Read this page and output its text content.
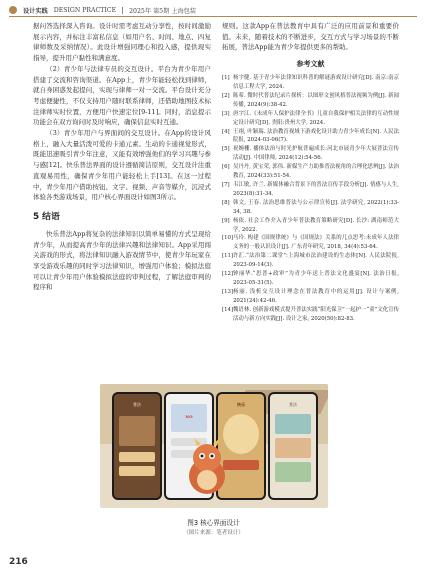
设计实践 DESIGN PRACTICE 2025年 第5期 上海包装

据问答选择深入咨询。设计时需考虑互动分享性，按时间激励展示内容，并标注丰富私信息（如用户名、时间、地点、四复律师数及采纳情况）。此设计增强同理心和投入感，提供现实指导，提升用户黏性和满意度。

（2）青少年与法律专员的交互设计。平台为青少年用户搭建了交流和咨询渠道。在App上，青少年能轻松找到律师，就自身困惑发起提问，实现与律师一对一交流。平台设计充分考虑便捷性，不仅支持用户随时联系律师，还借助地图技术标注律师实时位置，方便用户快速定位[9-11]。同时，消息提示功能会在双方询问时及时响应，确保信息实时互通。

（3）青少年用户与界面间的交互设计。在App的设计风格上，融入大量活泼可爱的卡通元素。生动的卡通视觉形式，既能迅速吸引青少年注意，又能有效增强他们的学习兴趣与参与感[12]。快乐普法界面的设计遵循简洁原则，交互设计注重直观易用性，确保青少年用户能轻松上手[13]。在这一过程中，青少年用户借助按钮、文字、视频、声音等媒介，沉浸式体验各类游戏场景，用户核心界面设计如图3所示。

5 结语

快乐普法App将复杂的法律知识以简单易懂的方式呈现给青少年，从而提高青少年的法律兴趣和法律知识。App采用闯关游戏的形式，将法律知识融入游戏情节中，使青少年玩家在享受游戏乐趣的同时学习法律知识，增强用户体验；模拟法庭可以让青少年用户体验模拟法庭的审判过程，了解法庭审判的程序和

规则。这款App在普法教育中具有广泛的应用前景和重要价值。未来，随着技术的不断进步，交互方式与学习场景的不断拓展，普法App能为青少年提供更多的帮助。

参考文献
[1] 杨宇健. 基于青少年法律知识科普的解谜游戏设计研究[D]. 南京:南京信息工程大学, 2024.
[2] 陈希. 微时代普法纪录片探析：以图形文创风格普法视频为例[J]. 新闻传播, 2024(9):38-42.
[3] 唐宇江.《未成年人保护法律全书》儿童自我保护相关法律的互动性规定设计研究[D]. 贵阳:贵州大学, 2024.
[4] 王翊, 叶颖瑞. 法治教育视域下游戏化设计助力青少年成长[N]. 人民法院报, 2024-03-06(7).
[5] 祝婉栅. 播体法治与时光护航普遍成长:河北市展青少年大展普法宣传活动[J]. 中国律师, 2024(12):54-56.
[6] 吴丹丹, 黄宝荣, 郭伟. 新媒生产力助推普法视角的合理化思辨[J]. 法治教育, 2024(33):51-54.
[7] 韦江敏, 许兰. 新媒体融合背景下的普法宣传手段分析[J]. 情感与人生, 2023(8):31-34.
[8] 韩文, 王春. 法治思维普法与公示律宣传[J]. 法学研究, 2022(1):33-34, 38.
[9] 杨依. 社会工作介入青少年普法教育策略研究[D]. 长沙: 湖南师范大学, 2022.
[10] 马玲. 构建《国规律统》与《国规法》关系的几点思考:未成年人法律义务的一般认识设计[J]. 广东青年研究, 2018, 34(4):53-64.
[11] 许汇.“法治第二课堂”:上海城市法治建设的生态体[N]. 人民法院报, 2023-09-14(3).
[12] 钟丽华.“思普+政审”为青少年送上普法文化盛宴[N]. 法治日报, 2023-05-31(5).
[13] 杨丽. 浅析交互设计理念在普法教育中的运用[J]. 设计与案例, 2021(24):42-46.
[14] 魏语林. 创新游戏模式提升普法实践“阳光保卫”一起护一“童”文化宣传活动与新方向实践[J]. 设计之家, 2020(50):82-83.
普法
NO
快乐	普法
图3 核心界面设计
（图片来源：笔者设计）
216
